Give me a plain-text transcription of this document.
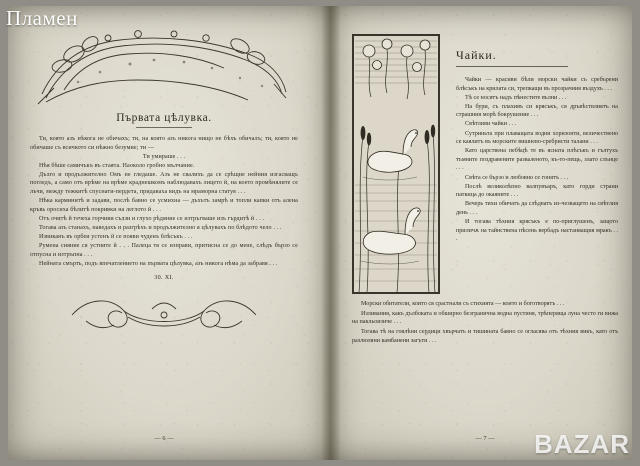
Първата цѣлувка.

Ти, която азъ нѣкога не обичахъ; ти, на която азъ никога нищо не бѣхъ обичалъ; ти, която не обичаше съ всичкото си нѣжно безумие; ти —

Ти умираше . . .

Нѣя бѣше самичъкъ въ стаята. Наоколо гробно мълчание.

Дълго и продължително Омъ не гледаше. Азъ не свалихъ да се срѣщне нейния изгасващъ погледъ, а само отъ врѣме на врѣме краднешкомъ наблюдавахъ лицето й, на което промѣнялите се лъчи, между тежкитѣ спуснати-пердета, придаваха видъ на мраморна статуя . . .

Нѣка карминитѣ и задави, послѣ бавно се усмихна — дъхътъ замрѣ и топли капки отъ алена кръвь оросиха бѣлитѣ покривки на леглото й . . .

Отъ очитѣ й течеха горчиви сълзи и глухо рѣдяние се изтръгваше изъ гърдитѣ й . . .

Тогава азъ станахъ, наведахъ и разгрѣхъ и продължително я цѣлувахъ по блѣдото чело . . .

Извиканъ въ орбеи устенъ й се появи чуденъ блѣсъкъ . . .

Румена сияние ся устните й . . . Палеца тя се изправи, притисна се до мене, слѣдъ бързо се отпусна и изтръпна . . .

Нейната смърть, подъ впечатлението на първата цѣлувка, азъ никога нѣма да забравя . . .

30. XI.
— 6 —
Чайки.

Чайки — красиви бѣли морски чайки съ сребърени блѣсъкъ на крилата си, трепкащи въ прозрачния въздухъ . . .

Тѣ се носятъ надъ пѣнестите вълни . . .

На бури, съ плахивъ си крясъкъ, ся дръвѣствлиятъ на страшния морѣ бокрушение . . .

Свѣтливи чайки . . .

Сутриньта при плаващата водни хоризонти, величествено се каялитъ въ морските вишнево-сребристи талани . . .

Като царствена пебѣцѣ те въ ясната плѣсъкъ и гълтухъ тъмните поздравените разваленото, къ-то-пещь, злато слънце . . .

Свѣта се бързо и любовно се гонятъ . . .

Послѣ великолѣпно валпувъаръ, като горди страни паткица до окаяните . . .

Вечерь тихи обичатъ да слѣдватъ из-чезващето на свѣтлия день . . .

И тогава тѣхния крясъкъ е по-приглушенъ, защото приличѫ на тайнствена пѣсень вербадъ настанващия мракъ . . .

Морски обитатели, които ся срастнали съ стихията — които и боготворятъ . . .

Изливания, какъ дълбоката и обширно безгранична водна пустиня, трѣперяща луна често ги вижа на пакльоизиче . . .

Тогава тѣ на гоялѣни сердици хвърчатъ и тишината бавно се огласява отъ тѣхния викъ, като отъ разлюляни камбанени загъти . . .

— 7 —
Пламен
BAZAR
